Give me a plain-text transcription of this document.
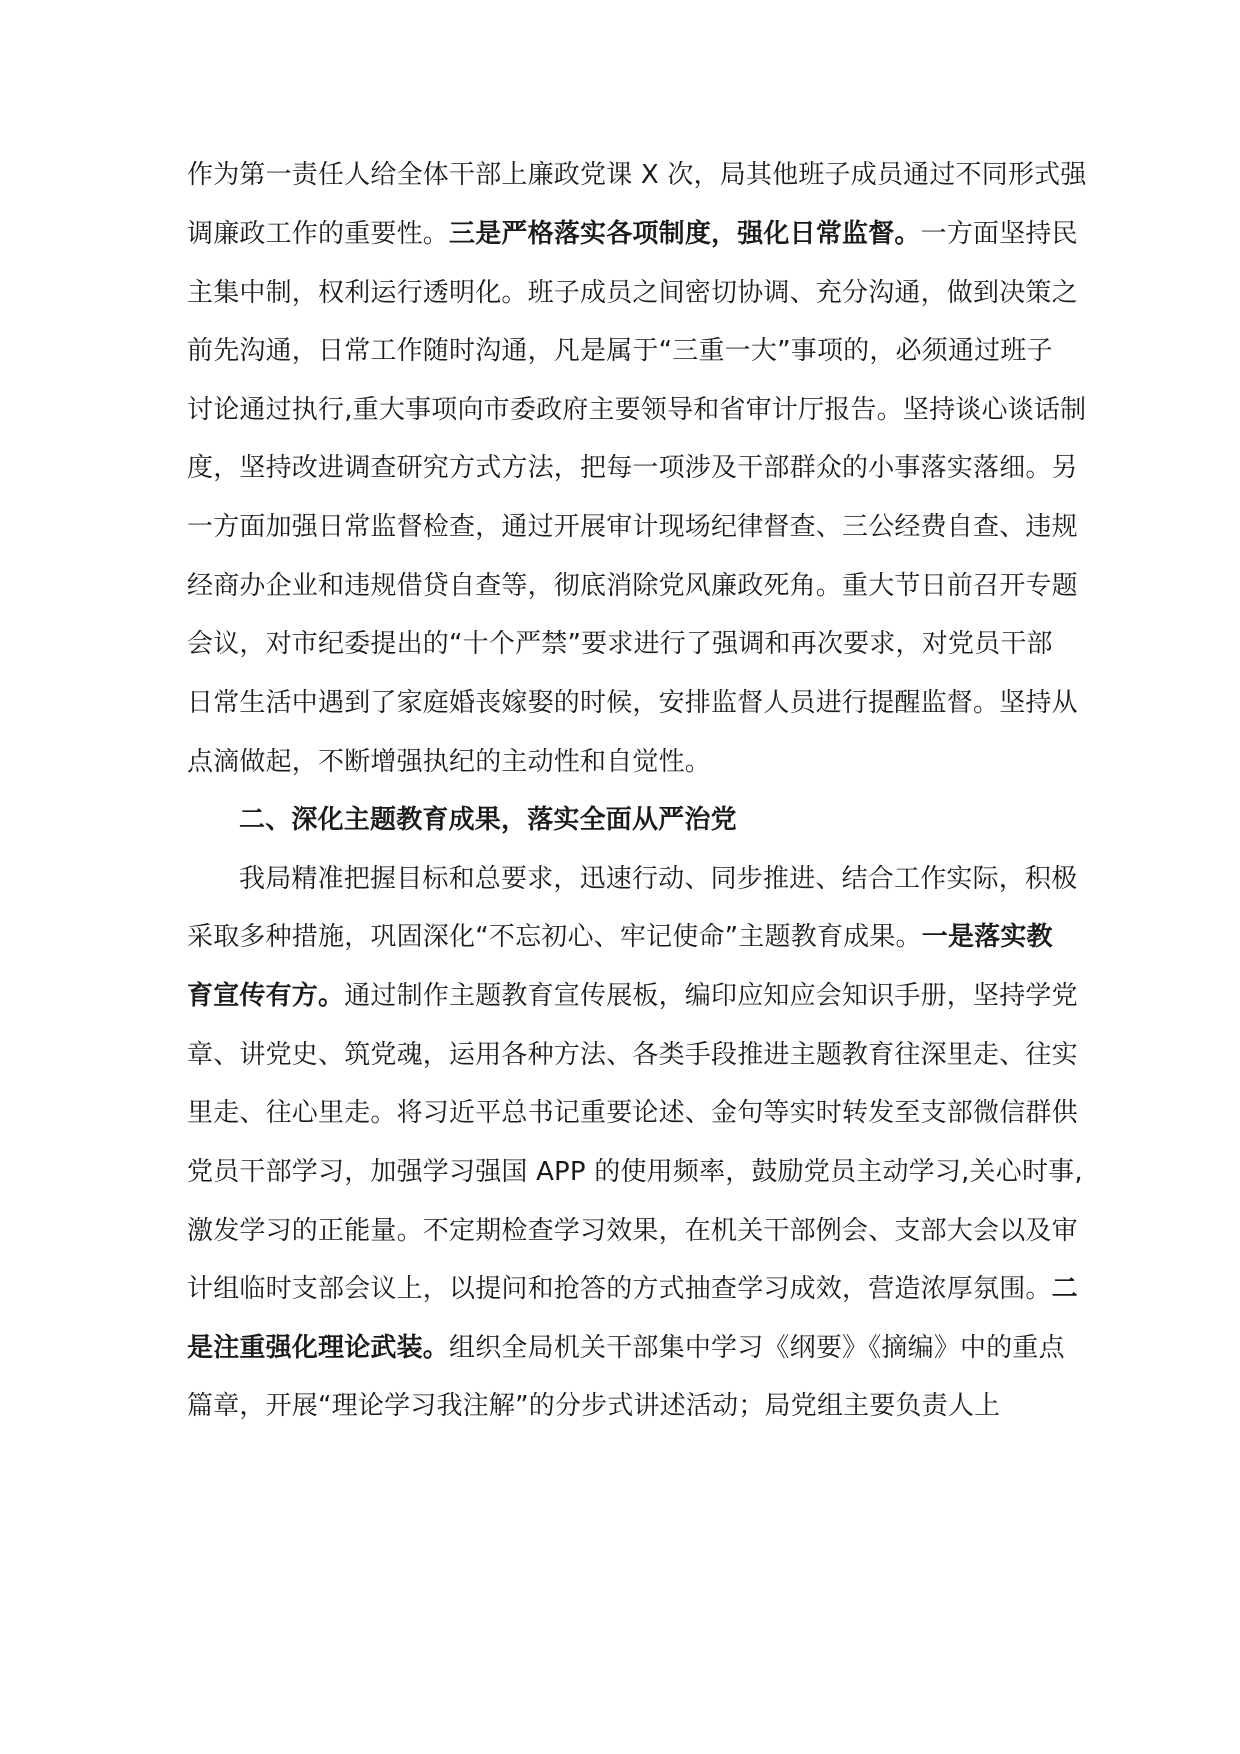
作为第一责任人给全体干部上廉政党课 X 次，局其他班子成员通过不同形式强
调廉政工作的重要性。三是严格落实各项制度，强化日常监督。一方面坚持民
主集中制，权利运行透明化。班子成员之间密切协调、充分沟通，做到决策之
前先沟通，日常工作随时沟通，凡是属于“三重一大”事项的，必须通过班子
讨论通过执行,重大事项向市委政府主要领导和省审计厅报告。坚持谈心谈话制
度，坚持改进调查研究方式方法，把每一项涉及干部群众的小事落实落细。另
一方面加强日常监督检查，通过开展审计现场纪律督查、三公经费自查、违规
经商办企业和违规借贷自查等，彻底消除党风廉政死角。重大节日前召开专题
会议，对市纪委提出的“十个严禁”要求进行了强调和再次要求，对党员干部
日常生活中遇到了家庭婚丧嫁娶的时候，安排监督人员进行提醒监督。坚持从
点滴做起，不断增强执纪的主动性和自觉性。
二、深化主题教育成果，落实全面从严治党
我局精准把握目标和总要求，迅速行动、同步推进、结合工作实际，积极
采取多种措施，巩固深化“不忘初心、牢记使命”主题教育成果。一是落实教
育宣传有方。通过制作主题教育宣传展板，编印应知应会知识手册，坚持学党
章、讲党史、筑党魂，运用各种方法、各类手段推进主题教育往深里走、往实
里走、往心里走。将习近平总书记重要论述、金句等实时转发至支部微信群供
党员干部学习，加强学习强国 APP 的使用频率，鼓励党员主动学习,关心时事,
激发学习的正能量。不定期检查学习效果，在机关干部例会、支部大会以及审
计组临时支部会议上，以提问和抢答的方式抽查学习成效，营造浓厚氛围。二
是注重强化理论武装。组织全局机关干部集中学习《纲要》《摘编》中的重点
篇章，开展“理论学习我注解”的分步式讲述活动；局党组主要负责人上
